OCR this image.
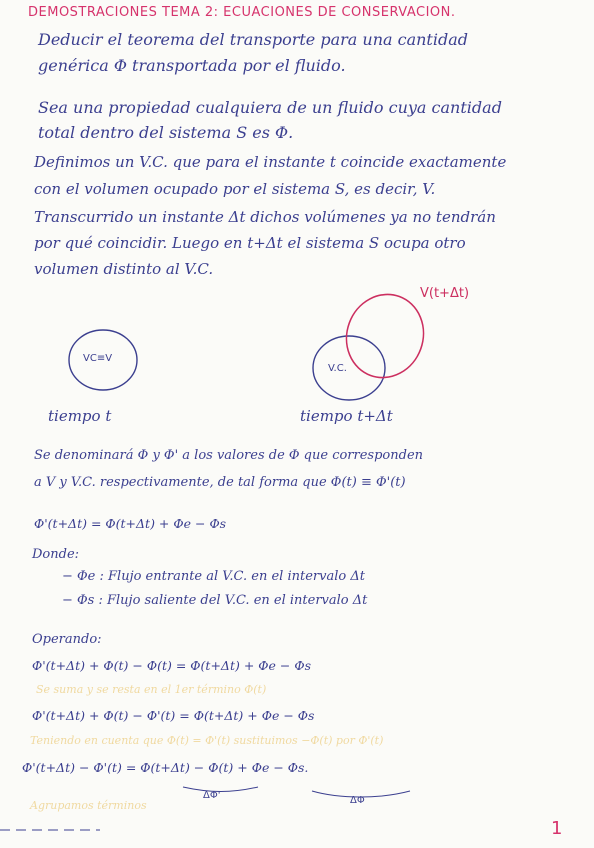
DEMOSTRACIONES TEMA 2: ECUACIONES DE CONSERVACION.
Deducir el teorema del transporte para una cantidad
genérica Φ transportada por el fluido.
Sea una propiedad cualquiera de un fluido cuya cantidad
total dentro del sistema S es Φ.
Definimos un V.C. que para el instante t coincide exactamente
con el volumen ocupado por el sistema S, es decir, V.
Transcurrido un instante Δt dichos volúmenes ya no tendrán
por qué coincidir. Luego en t+Δt el sistema S ocupa otro
volumen distinto al V.C.
V(t+Δt)
VC≡V
V.C.
tiempo t	tiempo t+Δt
Se denominará Φ y Φ' a los valores de Φ que corresponden
a V y V.C. respectivamente, de tal forma que Φ(t) ≡ Φ'(t)
Φ'(t+Δt) = Φ(t+Δt) + Φe − Φs
Donde:
− Φe : Flujo entrante al V.C. en el intervalo Δt
− Φs : Flujo saliente del V.C. en el intervalo Δt
Operando:
Φ'(t+Δt) + Φ(t) − Φ(t) = Φ(t+Δt) + Φe − Φs
Se suma y se resta en el 1er término Φ(t)
Φ'(t+Δt) + Φ(t) − Φ'(t) = Φ(t+Δt) + Φe − Φs
Teniendo en cuenta que Φ(t) = Φ'(t) sustituimos −Φ(t) por Φ'(t)
Φ'(t+Δt) − Φ'(t) = Φ(t+Δt) − Φ(t) + Φe − Φs.
ΔΦ'	ΔΦ
Agrupamos términos
1
